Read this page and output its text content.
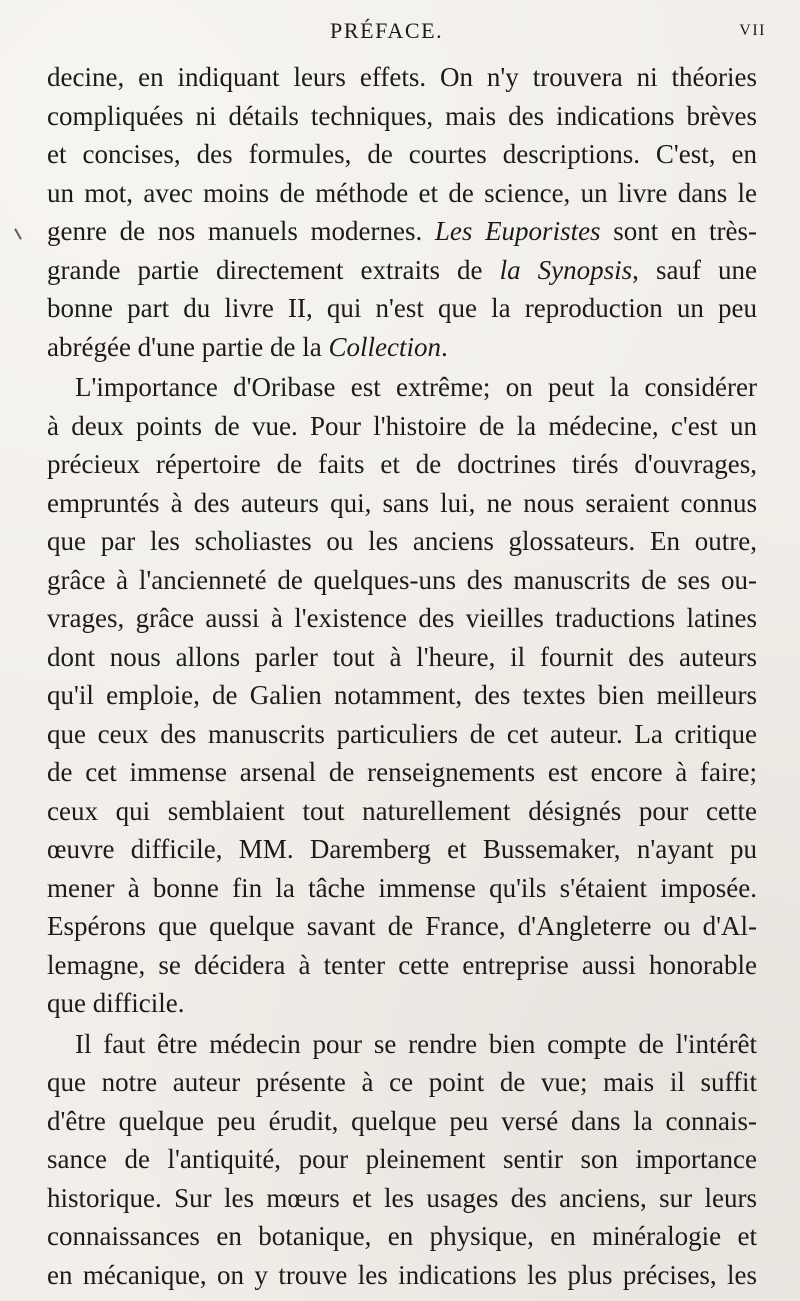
PRÉFACE.	VII
decine, en indiquant leurs effets. On n'y trouvera ni théories
compliquées ni détails techniques, mais des indications brèves
et concises, des formules, de courtes descriptions. C'est, en
un mot, avec moins de méthode et de science, un livre dans le
genre de nos manuels modernes. Les Euporistes sont en très-
grande partie directement extraits de la Synopsis, sauf une
bonne part du livre II, qui n'est que la reproduction un peu
abrégée d'une partie de la Collection.
L'importance d'Oribase est extrême; on peut la considérer
à deux points de vue. Pour l'histoire de la médecine, c'est un
précieux répertoire de faits et de doctrines tirés d'ouvrages,
empruntés à des auteurs qui, sans lui, ne nous seraient connus
que par les scholiastes ou les anciens glossateurs. En outre,
grâce à l'ancienneté de quelques-uns des manuscrits de ses ou-
vrages, grâce aussi à l'existence des vieilles traductions latines
dont nous allons parler tout à l'heure, il fournit des auteurs
qu'il emploie, de Galien notamment, des textes bien meilleurs
que ceux des manuscrits particuliers de cet auteur. La critique
de cet immense arsenal de renseignements est encore à faire;
ceux qui semblaient tout naturellement désignés pour cette
œuvre difficile, MM. Daremberg et Bussemaker, n'ayant pu
mener à bonne fin la tâche immense qu'ils s'étaient imposée.
Espérons que quelque savant de France, d'Angleterre ou d'Al-
lemagne, se décidera à tenter cette entreprise aussi honorable
que difficile.
Il faut être médecin pour se rendre bien compte de l'intérêt
que notre auteur présente à ce point de vue; mais il suffit
d'être quelque peu érudit, quelque peu versé dans la connais-
sance de l'antiquité, pour pleinement sentir son importance
historique. Sur les mœurs et les usages des anciens, sur leurs
connaissances en botanique, en physique, en minéralogie et
en mécanique, on y trouve les indications les plus précises, les
